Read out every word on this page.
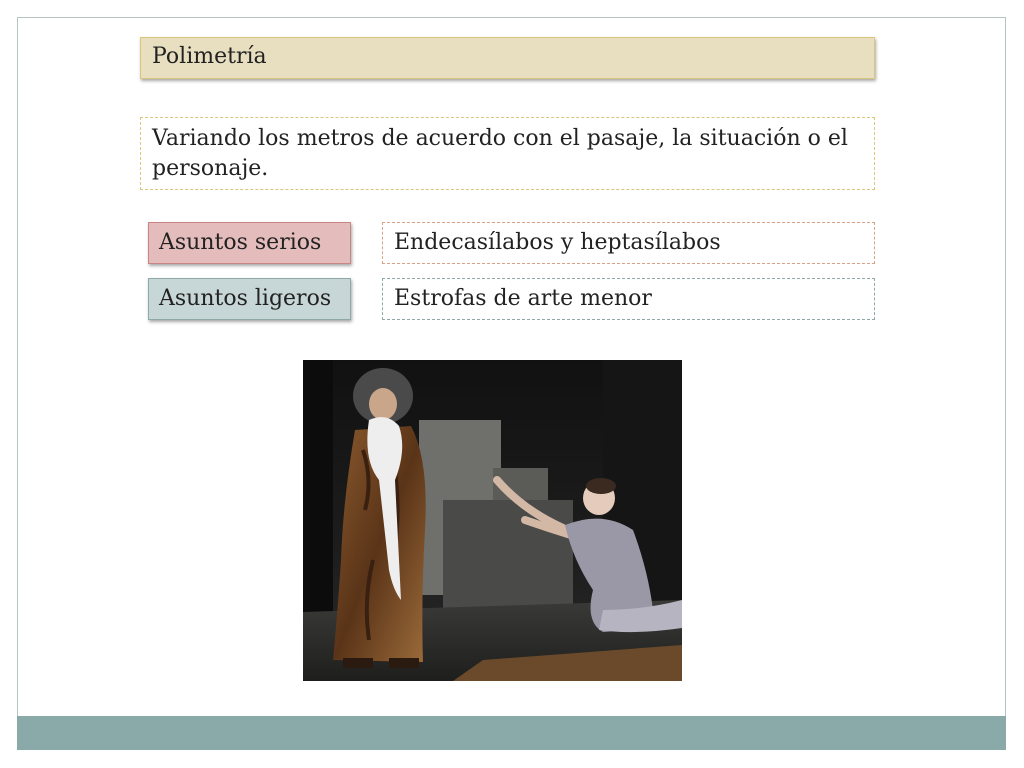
Polimetría
Variando los metros de acuerdo con el pasaje, la situación o el personaje.
Asuntos serios	Endecasílabos y heptasílabos
Asuntos ligeros	Estrofas de arte menor
